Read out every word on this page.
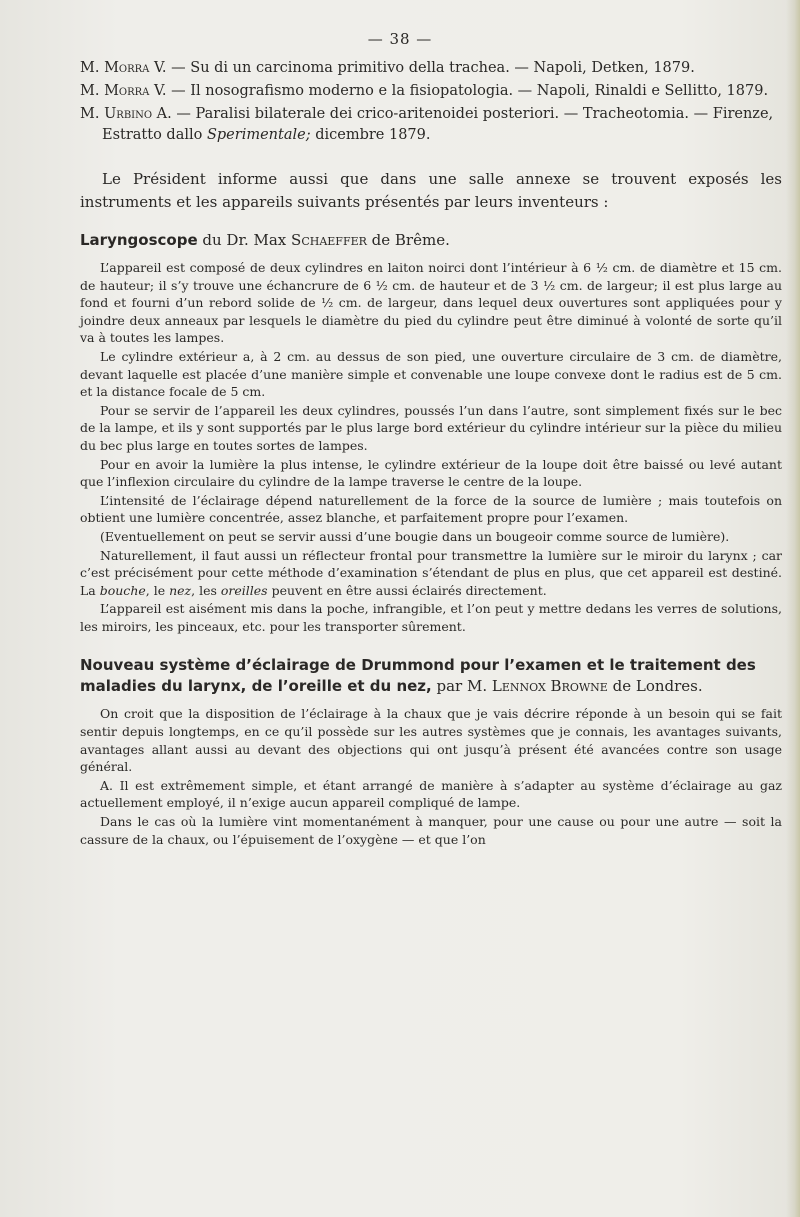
— 38 —
M. Morra V. — Su di un carcinoma primitivo della trachea. — Napoli, Detken, 1879.
M. Morra V. — Il nosografismo moderno e la fisiopatologia. — Napoli, Rinaldi e Sellitto, 1879.
M. Urbino A. — Paralisi bilaterale dei crico-aritenoidei posteriori. — Tracheotomia. — Firenze, Estratto dallo Sperimentale; dicembre 1879.

Le Président informe aussi que dans une salle annexe se trouvent exposés les instruments et les appareils suivants présentés par leurs inventeurs :

Laryngoscope du Dr. Max Schaeffer de Brême.

L’appareil est composé de deux cylindres en laiton noirci dont l’intérieur à 6 ½ cm. de diamètre et 15 cm. de hauteur; il s’y trouve une échancrure de 6 ½ cm. de hauteur et de 3 ½ cm. de largeur; il est plus large au fond et fourni d’un rebord solide de ½ cm. de largeur, dans lequel deux ouvertures sont appliquées pour y joindre deux anneaux par lesquels le diamètre du pied du cylindre peut être diminué à volonté de sorte qu’il va à toutes les lampes.

Le cylindre extérieur a, à 2 cm. au dessus de son pied, une ouverture circulaire de 3 cm. de diamètre, devant laquelle est placée d’une manière simple et convenable une loupe convexe dont le radius est de 5 cm. et la distance focale de 5 cm.

Pour se servir de l’appareil les deux cylindres, poussés l’un dans l’autre, sont simplement fixés sur le bec de la lampe, et ils y sont supportés par le plus large bord extérieur du cylindre intérieur sur la pièce du milieu du bec plus large en toutes sortes de lampes.

Pour en avoir la lumière la plus intense, le cylindre extérieur de la loupe doit être baissé ou levé autant que l’inflexion circulaire du cylindre de la lampe traverse le centre de la loupe.

L’intensité de l’éclairage dépend naturellement de la force de la source de lumière ; mais toutefois on obtient une lumière concentrée, assez blanche, et parfaitement propre pour l’examen.

(Eventuellement on peut se servir aussi d’une bougie dans un bougeoir comme source de lumière).

Naturellement, il faut aussi un réflecteur frontal pour transmettre la lumière sur le miroir du larynx ; car c’est précisément pour cette méthode d’examination s’étendant de plus en plus, que cet appareil est destiné. La bouche, le nez, les oreilles peuvent en être aussi éclairés directement.

L’appareil est aisément mis dans la poche, infrangible, et l’on peut y mettre dedans les verres de solutions, les miroirs, les pinceaux, etc. pour les transporter sûrement.

Nouveau système d’éclairage de Drummond pour l’examen et le traitement des maladies du larynx, de l’oreille et du nez, par M. Lennox Browne de Londres.

On croit que la disposition de l’éclairage à la chaux que je vais décrire réponde à un besoin qui se fait sentir depuis longtemps, en ce qu’il possède sur les autres systèmes que je connais, les avantages suivants, avantages allant aussi au devant des objections qui ont jusqu’à présent été avancées contre son usage général.

A. Il est extrêmement simple, et étant arrangé de manière à s’adapter au système d’éclairage au gaz actuellement employé, il n’exige aucun appareil compliqué de lampe.

Dans le cas où la lumière vint momentanément à manquer, pour une cause ou pour une autre — soit la cassure de la chaux, ou l’épuisement de l’oxygène — et que l’on
